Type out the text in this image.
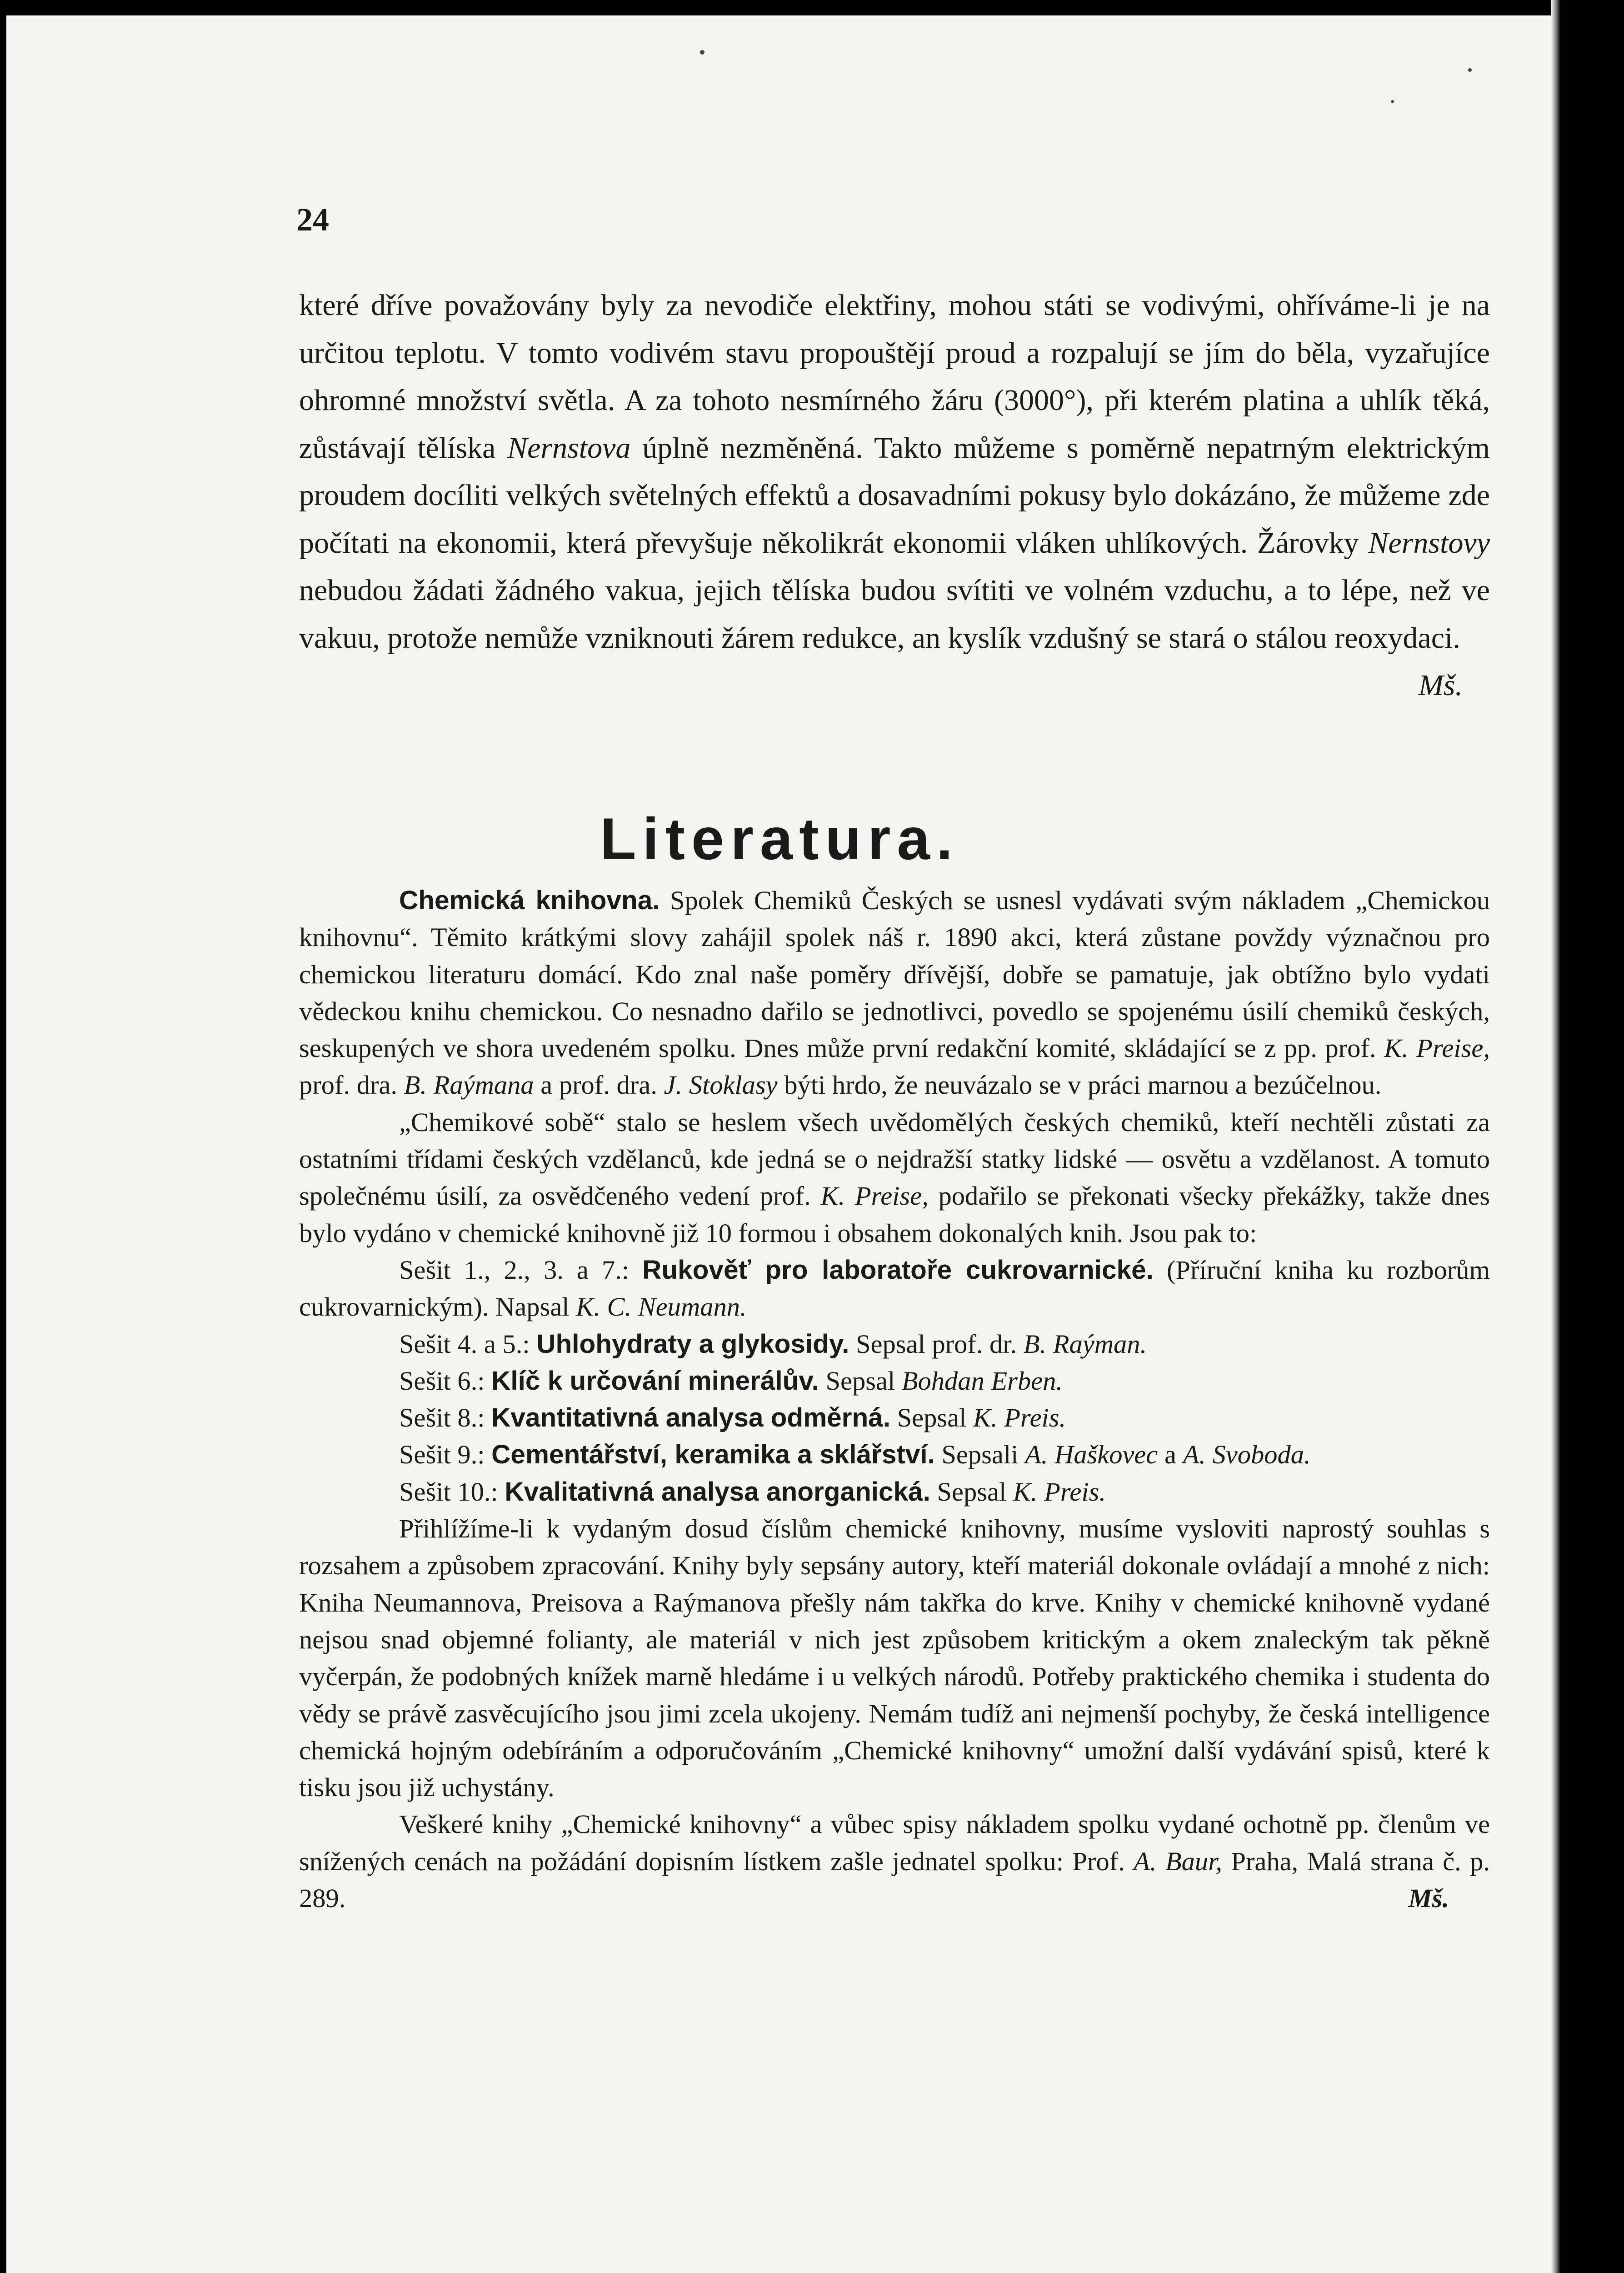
24

které dříve považovány byly za nevodiče elektřiny, mohou státi se vodivými, ohříváme-li je na určitou teplotu. V tomto vodivém stavu propouštějí proud a rozpalují se jím do běla, vyzařujíce ohromné množství světla. A za tohoto nesmírného žáru (3000°), při kterém platina a uhlík těká, zůstávají tělíska Nernstova úplně nezměněná. Takto můžeme s poměrně nepatrným elektrickým proudem docíliti velkých světelných effektů a dosavadními pokusy bylo dokázáno, že můžeme zde počítati na ekonomii, která převyšuje několikrát ekonomii vláken uhlíkových. Žárovky Nernstovy nebudou žádati žádného vakua, jejich tělíska budou svítiti ve volném vzduchu, a to lépe, než ve vakuu, protože nemůže vzniknouti žárem redukce, an kyslík vzdušný se stará o stálou reoxydaci.
Mš.

Literatura.

Chemická knihovna. Spolek Chemiků Českých se usnesl vydávati svým nákladem „Chemickou knihovnu“. Těmito krátkými slovy zahájil spolek náš r. 1890 akci, která zůstane povždy význačnou pro chemickou literaturu domácí. Kdo znal naše poměry dřívější, dobře se pamatuje, jak obtížno bylo vydati vědeckou knihu chemickou. Co nesnadno dařilo se jednotlivci, povedlo se spojenému úsilí chemiků českých, seskupených ve shora uvedeném spolku. Dnes může první redakční komité, skládající se z pp. prof. K. Preise, prof. dra. B. Raýmana a prof. dra. J. Stoklasy býti hrdo, že neuvázalo se v práci marnou a bezúčelnou.

„Chemikové sobě“ stalo se heslem všech uvědomělých českých chemiků, kteří nechtěli zůstati za ostatními třídami českých vzdělanců, kde jedná se o nejdražší statky lidské — osvětu a vzdělanost. A tomuto společnému úsilí, za osvědčeného vedení prof. K. Preise, podařilo se překonati všecky překážky, takže dnes bylo vydáno v chemické knihovně již 10 formou i obsahem dokonalých knih. Jsou pak to:

Sešit 1., 2., 3. a 7.: Rukověť pro laboratoře cukrovarnické. (Příruční kniha ku rozborům cukrovarnickým). Napsal K. C. Neumann.

Sešit 4. a 5.: Uhlohydraty a glykosidy. Sepsal prof. dr. B. Raýman.

Sešit 6.: Klíč k určování minerálův. Sepsal Bohdan Erben.

Sešit 8.: Kvantitativná analysa odměrná. Sepsal K. Preis.

Sešit 9.: Cementářství, keramika a sklářství. Sepsali A. Haškovec a A. Svoboda.

Sešit 10.: Kvalitativná analysa anorganická. Sepsal K. Preis.

Přihlížíme-li k vydaným dosud číslům chemické knihovny, musíme vysloviti naprostý souhlas s rozsahem a způsobem zpracování. Knihy byly sepsány autory, kteří materiál dokonale ovládají a mnohé z nich: Kniha Neumannova, Preisova a Raýmanova přešly nám takřka do krve. Knihy v chemické knihovně vydané nejsou snad objemné folianty, ale materiál v nich jest způsobem kritickým a okem znaleckým tak pěkně vyčerpán, že podobných knížek marně hledáme i u velkých národů. Potřeby praktického chemika i studenta do vědy se právě zasvěcujícího jsou jimi zcela ukojeny. Nemám tudíž ani nejmenší pochyby, že česká intelligence chemická hojným odebíráním a odporučováním „Chemické knihovny“ umožní další vydávání spisů, které k tisku jsou již uchystány.

Veškeré knihy „Chemické knihovny“ a vůbec spisy nákladem spolku vydané ochotně pp. členům ve snížených cenách na požádání dopisním lístkem zašle jednatel spolku: Prof. A. Baur, Praha, Malá strana č. p. 289.	Mš.
